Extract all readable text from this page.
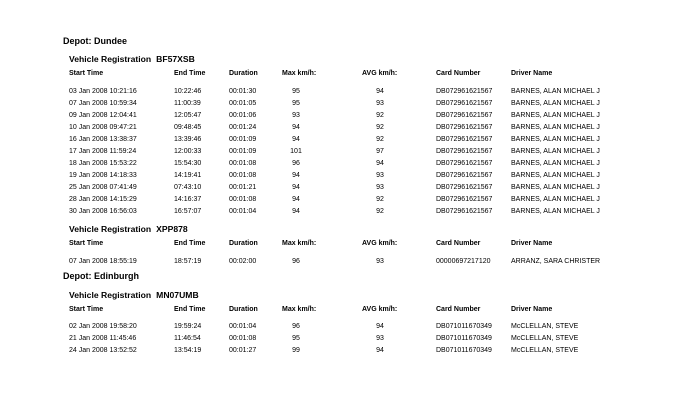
Depot: Dundee
Vehicle Registration BF57XSB
Start Time	End Time	Duration	Max km/h:	AVG km/h:	Card Number	Driver Name
03 Jan 2008 10:21:16	10:22:46	00:01:30	95	94	DB072961621567	BARNES, ALAN MICHAEL J
07 Jan 2008 10:59:34	11:00:39	00:01:05	95	93	DB072961621567	BARNES, ALAN MICHAEL J
09 Jan 2008 12:04:41	12:05:47	00:01:06	93	92	DB072961621567	BARNES, ALAN MICHAEL J
10 Jan 2008 09:47:21	09:48:45	00:01:24	94	92	DB072961621567	BARNES, ALAN MICHAEL J
16 Jan 2008 13:38:37	13:39:46	00:01:09	94	92	DB072961621567	BARNES, ALAN MICHAEL J
17 Jan 2008 11:59:24	12:00:33	00:01:09	101	97	DB072961621567	BARNES, ALAN MICHAEL J
18 Jan 2008 15:53:22	15:54:30	00:01:08	96	94	DB072961621567	BARNES, ALAN MICHAEL J
19 Jan 2008 14:18:33	14:19:41	00:01:08	94	93	DB072961621567	BARNES, ALAN MICHAEL J
25 Jan 2008 07:41:49	07:43:10	00:01:21	94	93	DB072961621567	BARNES, ALAN MICHAEL J
28 Jan 2008 14:15:29	14:16:37	00:01:08	94	92	DB072961621567	BARNES, ALAN MICHAEL J
30 Jan 2008 16:56:03	16:57:07	00:01:04	94	92	DB072961621567	BARNES, ALAN MICHAEL J
Vehicle Registration XPP878
Start Time	End Time	Duration	Max km/h:	AVG km/h:	Card Number	Driver Name
07 Jan 2008 18:55:19	18:57:19	00:02:00	96	93	00000697217120	ARRANZ, SARA CHRISTER
Depot: Edinburgh
Vehicle Registration MN07UMB
Start Time	End Time	Duration	Max km/h:	AVG km/h:	Card Number	Driver Name
02 Jan 2008 19:58:20	19:59:24	00:01:04	96	94	DB071011670349	McCLELLAN, STEVE
21 Jan 2008 11:45:46	11:46:54	00:01:08	95	93	DB071011670349	McCLELLAN, STEVE
24 Jan 2008 13:52:52	13:54:19	00:01:27	99	94	DB071011670349	McCLELLAN, STEVE
